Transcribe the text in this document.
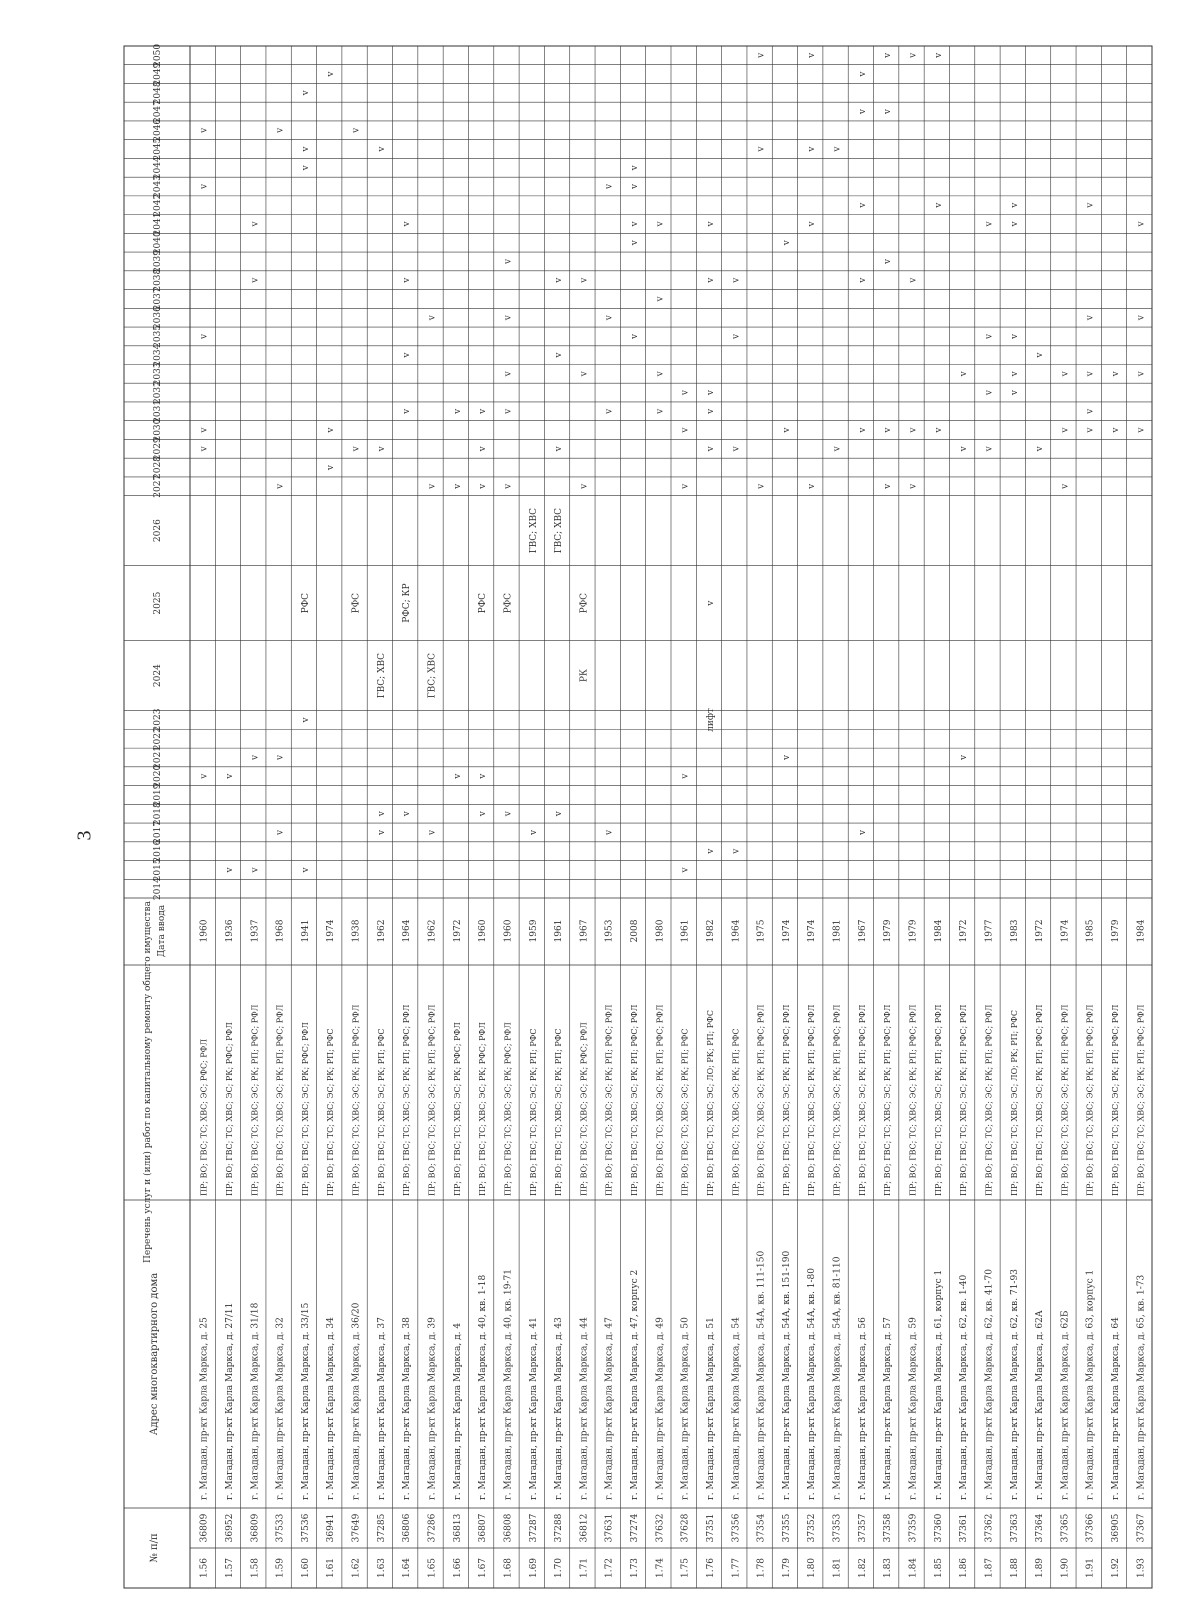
3
№ п/п
Адрес многоквартирного дома
Перечень услуг и (или) работ по капитальному ремонту общего имущества Дата ввода
2014
2015
2016
2017
2018
2019
2020
2021
2022
2023
2024
2025
2026
2027
2028
2029
2030
2031
2032
2033
2034
2035
2036
2037
2038
2039
2040
2041
2042
2043
2044
2045
2046
2047
2048
2049
2050
1.56
36809
г. Магадан, пр-кт Карла Маркса, д. 25
ПР; ВО; ГВС; ТС; ХВС; ЭС; РФС; РФЛ
1960
v
v
v
v
v
v
1.57
36952
г. Магадан, пр-кт Карла Маркса, д. 27/11
ПР; ВО; ГВС; ТС; ХВС; ЭС; РК; РФС; РФЛ
1936
v
v
1.58
36809
г. Магадан, пр-кт Карла Маркса, д. 31/18
ПР; ВО; ГВС; ТС; ХВС; ЭС; РК; РП; РФС; РФЛ
1937
v
v
v
v
1.59
37533
г. Магадан, пр-кт Карла Маркса, д. 32
ПР; ВО; ГВС; ТС; ХВС; ЭС; РК; РП; РФС; РФЛ
1968
v
v
v
v
1.60
37536
г. Магадан, пр-кт Карла Маркса, д. 33/15
ПР; ВО; ГВС; ТС; ХВС; ЭС; РК; РФС; РФЛ
1941
v
v
РФС
v
v
v
1.61
36941
г. Магадан, пр-кт Карла Маркса, д. 34
ПР; ВО; ГВС; ТС; ХВС; ЭС; РК; РП; РФС
1974
v
v
v
1.62
37649
г. Магадан, пр-кт Карла Маркса, д. 36/20
ПР; ВО; ГВС; ТС; ХВС; ЭС; РК; РП; РФС; РФЛ
1938
РФС
v
v
1.63
37285
г. Магадан, пр-кт Карла Маркса, д. 37
ПР; ВО; ГВС; ТС; ХВС; ЭС; РК; РП; РФС
1962
v
v
ГВС; ХВС
v
v
1.64
36806
г. Магадан, пр-кт Карла Маркса, д. 38
ПР; ВО; ГВС; ТС; ХВС; ЭС; РК; РП; РФС; РФЛ
1964
v
РФС; КР
v
v
v
v
1.65
37286
г. Магадан, пр-кт Карла Маркса, д. 39
ПР; ВО; ГВС; ТС; ХВС; ЭС; РК; РП; РФС; РФЛ
1962
v
ГВС; ХВС
v
v
1.66
36813
г. Магадан, пр-кт Карла Маркса, д. 4
ПР; ВО; ГВС; ТС; ХВС; ЭС; РК; РФС; РФЛ
1972
v
v
v
1.67
36807
г. Магадан, пр-кт Карла Маркса, д. 40, кв. 1-18
ПР; ВО; ГВС; ТС; ХВС; ЭС; РК; РФС; РФЛ
1960
v
v
РФС
v
v
v
1.68
36808
г. Магадан, пр-кт Карла Маркса, д. 40, кв. 19-71
ПР; ВО; ГВС; ТС; ХВС; ЭС; РК; РФС; РФЛ
1960
v
РФС
v
v
v
v
v
1.69
37287
г. Магадан, пр-кт Карла Маркса, д. 41
ПР; ВО; ГВС; ТС; ХВС; ЭС; РК; РП; РФС
1959
v
ГВС; ХВС
1.70
37288
г. Магадан, пр-кт Карла Маркса, д. 43
ПР; ВО; ГВС; ТС; ХВС; ЭС; РК; РП; РФС
1961
v
ГВС; ХВС
v
v
v
1.71
36812
г. Магадан, пр-кт Карла Маркса, д. 44
ПР; ВО; ГВС; ТС; ХВС; ЭС; РК; РФС; РФЛ
1967
РК
РФС
v
v
v
1.72
37631
г. Магадан, пр-кт Карла Маркса, д. 47
ПР; ВО; ГВС; ТС; ХВС; ЭС; РК; РП; РФС; РФЛ
1953
v
v
v
v
1.73
37274
г. Магадан, пр-кт Карла Маркса, д. 47, корпус 2
ПР; ВО; ГВС; ТС; ХВС; ЭС; РК; РП; РФС; РФЛ
2008
v
v
v
v
v
1.74
37632
г. Магадан, пр-кт Карла Маркса, д. 49
ПР; ВО; ГВС; ТС; ХВС; ЭС; РК; РП; РФС; РФЛ
1980
v
v
v
v
1.75
37628
г. Магадан, пр-кт Карла Маркса, д. 50
ПР; ВО; ГВС; ТС; ХВС; ЭС; РК; РП; РФС
1961
v
v
v
v
v
1.76
37351
г. Магадан, пр-кт Карла Маркса, д. 51
ПР; ВО; ГВС; ТС; ХВС; ЭС; ЛО; РК; РП; РФС
1982
v
лифт
v
v
v
v
v
v
1.77
37356
г. Магадан, пр-кт Карла Маркса, д. 54
ПР; ВО; ГВС; ТС; ХВС; ЭС; РК; РП; РФС
1964
v
v
v
v
1.78
37354
г. Магадан, пр-кт Карла Маркса, д. 54А, кв. 111-150
ПР; ВО; ГВС; ТС; ХВС; ЭС; РК; РП; РФС; РФЛ
1975
v
v
v
1.79
37355
г. Магадан, пр-кт Карла Маркса, д. 54А, кв. 151-190
ПР; ВО; ГВС; ТС; ХВС; ЭС; РК; РП; РФС; РФЛ
1974
v
v
v
1.80
37352
г. Магадан, пр-кт Карла Маркса, д. 54А, кв. 1-80
ПР; ВО; ГВС; ТС; ХВС; ЭС; РК; РП; РФС; РФЛ
1974
v
v
v
v
1.81
37353
г. Магадан, пр-кт Карла Маркса, д. 54А, кв. 81-110
ПР; ВО; ГВС; ТС; ХВС; ЭС; РК; РП; РФС; РФЛ
1981
v
v
1.82
37357
г. Магадан, пр-кт Карла Маркса, д. 56
ПР; ВО; ГВС; ТС; ХВС; ЭС; РК; РП; РФС; РФЛ
1967
v
v
v
v
v
v
1.83
37358
г. Магадан, пр-кт Карла Маркса, д. 57
ПР; ВО; ГВС; ТС; ХВС; ЭС; РК; РП; РФС; РФЛ
1979
v
v
v
v
v
1.84
37359
г. Магадан, пр-кт Карла Маркса, д. 59
ПР; ВО; ГВС; ТС; ХВС; ЭС; РК; РП; РФС; РФЛ
1979
v
v
v
v
1.85
37360
г. Магадан, пр-кт Карла Маркса, д. 61, корпус 1
ПР; ВО; ГВС; ТС; ХВС; ЭС; РК; РП; РФС; РФЛ
1984
v
v
v
1.86
37361
г. Магадан, пр-кт Карла Маркса, д. 62, кв. 1-40
ПР; ВО; ГВС; ТС; ХВС; ЭС; РК; РП; РФС; РФЛ
1972
v
v
v
1.87
37362
г. Магадан, пр-кт Карла Маркса, д. 62, кв. 41-70
ПР; ВО; ГВС; ТС; ХВС; ЭС; РК; РП; РФС; РФЛ
1977
v
v
v
v
1.88
37363
г. Магадан, пр-кт Карла Маркса, д. 62, кв. 71-93
ПР; ВО; ГВС; ТС; ХВС; ЭС; ЛО; РК; РП; РФС
1983
v
v
v
v
v
1.89
37364
г. Магадан, пр-кт Карла Маркса, д. 62А
ПР; ВО; ГВС; ТС; ХВС; ЭС; РК; РП; РФС; РФЛ
1972
v
v
1.90
37365
г. Магадан, пр-кт Карла Маркса, д. 62Б
ПР; ВО; ГВС; ТС; ХВС; ЭС; РК; РП; РФС; РФЛ
1974
v
v
v
1.91
37366
г. Магадан, пр-кт Карла Маркса, д. 63, корпус 1
ПР; ВО; ГВС; ТС; ХВС; ЭС; РК; РП; РФС; РФЛ
1985
v
v
v
v
v
1.92
36905
г. Магадан, пр-кт Карла Маркса, д. 64
ПР; ВО; ГВС; ТС; ХВС; ЭС; РК; РП; РФС; РФЛ
1979
v
v
1.93
37367
г. Магадан, пр-кт Карла Маркса, д. 65, кв. 1-73
ПР; ВО; ГВС; ТС; ХВС; ЭС; РК; РП; РФС; РФЛ
1984
v
v
v
v
